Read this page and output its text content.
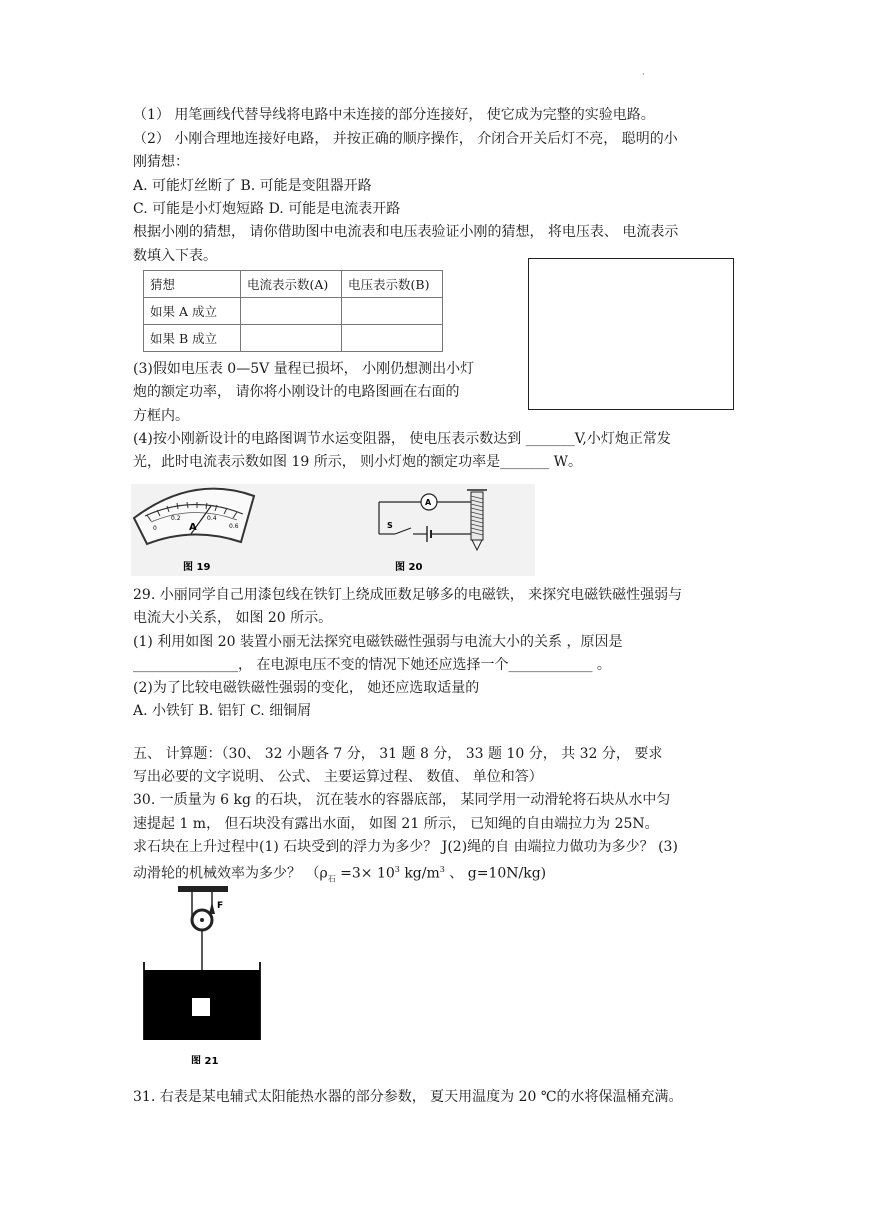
·
（1） 用笔画线代替导线将电路中未连接的部分连接好， 使它成为完整的实验电路。
（2） 小刚合理地连接好电路， 并按正确的顺序操作， 介闭合开关后灯不亮， 聪明的小
刚猜想：
A. 可能灯丝断了 B. 可能是变阻器开路
C. 可能是小灯炮短路 D. 可能是电流表开路
根据小刚的猜想， 请你借助图中电流表和电压表验证小刚的猜想， 将电压表、 电流表示
数填入下表。
猜想	电流表示数(A)	电压表示数(B)
如果 A 成立		
如果 B 成立		
(3)假如电压表 0—5V 量程已损坏， 小刚仍想测出小灯
炮的额定功率， 请你将小刚设计的电路图画在右面的
方框内。
(4)按小刚新设计的电路图调节水运变阻器， 使电压表示数达到 _______V,小灯炮正常发
光，此时电流表示数如图 19 所示， 则小灯炮的额定功率是_______ W。
0
0.2	0.4
0.6
A
图 19
A
S
图 20
29. 小丽同学自己用漆包线在铁钉上绕成匝数足够多的电磁铁， 来探究电磁铁磁性强弱与
电流大小关系， 如图 20 所示。
(1) 利用如图 20 装置小丽无法探究电磁铁磁性强弱与电流大小的关系 ，原因是
_______________， 在电源电压不变的情况下她还应选择一个____________ 。
(2)为了比较电磁铁磁性强弱的变化， 她还应选取适量的
A. 小铁钉 B. 铝钉 C. 细铜屑
五、 计算题：（30、 32 小题各 7 分， 31 题 8 分， 33 题 10 分， 共 32 分， 要求
写出必要的文字说明、 公式、 主要运算过程、 数值、 单位和答）
30. 一质量为 6 kg 的石块， 沉在装水的容器底部， 某同学用一动滑轮将石块从水中匀
速提起 1 m， 但石块没有露出水面， 如图 21 所示， 已知绳的自由端拉力为 25N。
求石块在上升过程中(1) 石块受到的浮力为多少？ J(2)绳的自 由端拉力做功为多少？ (3)
动滑轮的机械效率为多少？ （$\rho_石 =3\times 10^3$ $kg/m^3$ 、 g=10N/kg)
F
图 21
31. 右表是某电辅式太阳能热水器的部分参数， 夏天用温度为 20 ℃的水将保温桶充满。
